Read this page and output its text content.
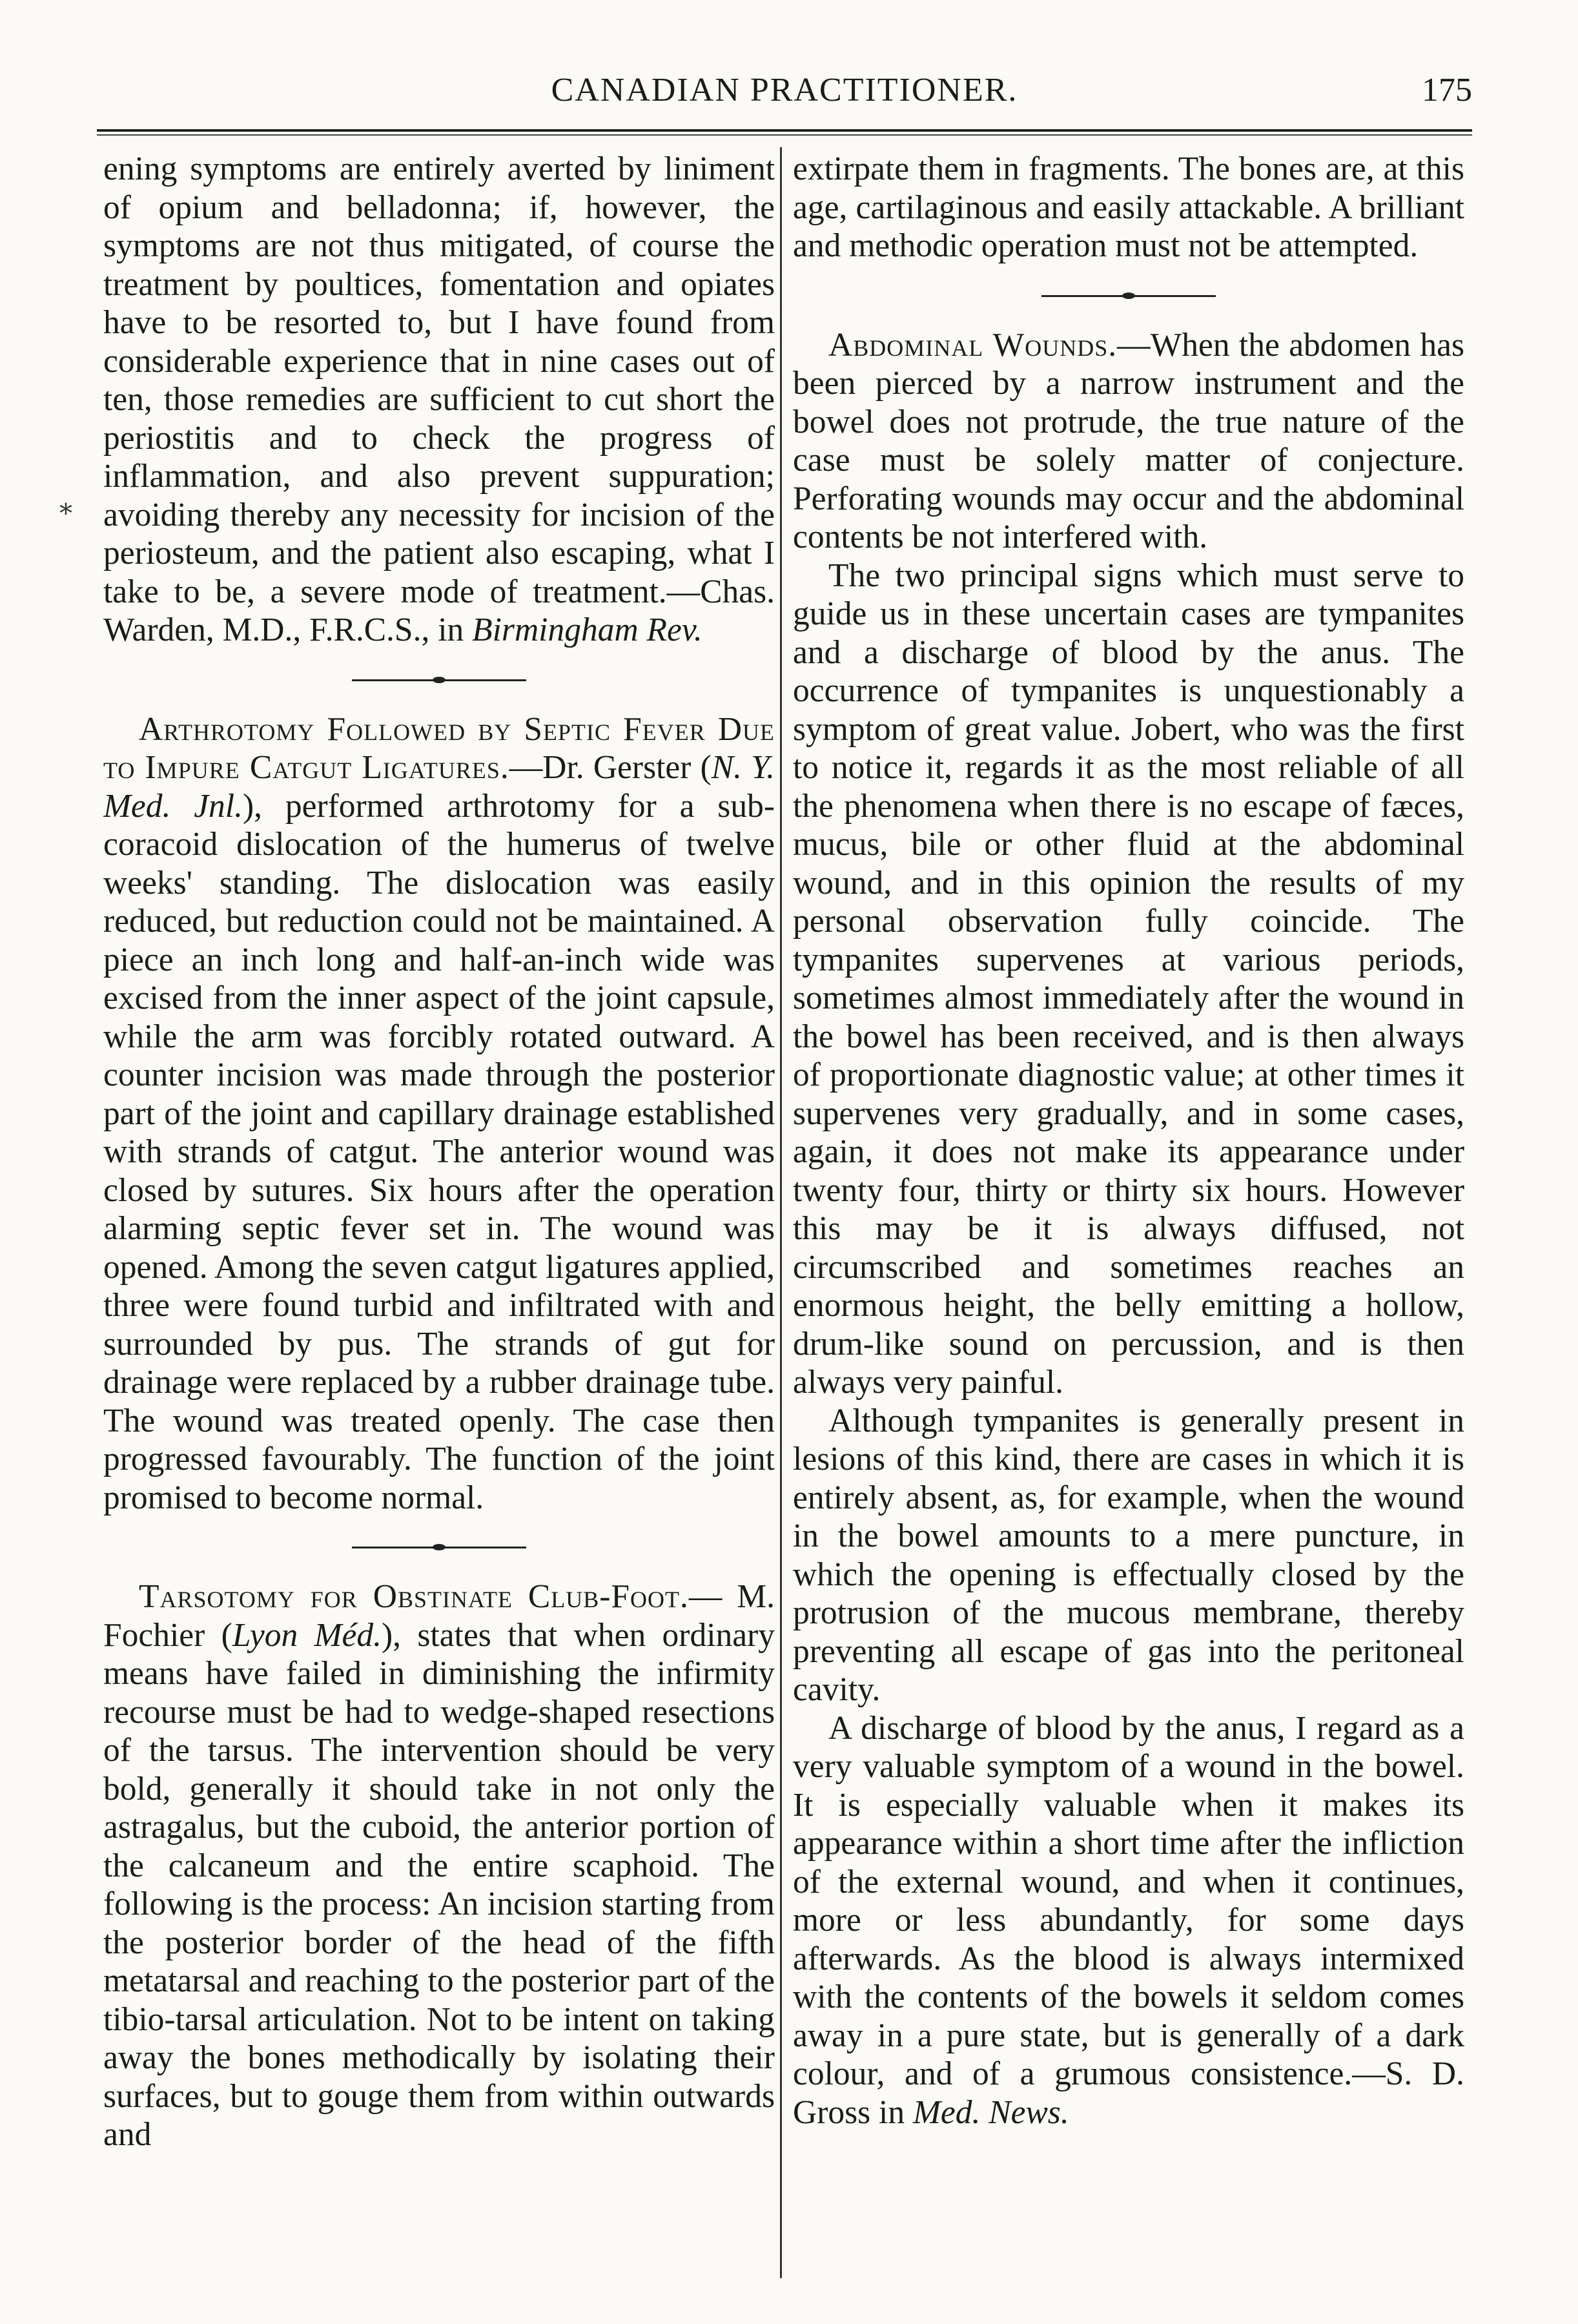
CANADIAN PRACTITIONER.	175
⁎

ening symptoms are entirely averted by liniment of opium and belladonna; if, however, the symptoms are not thus mitigated, of course the treatment by poultices, fomentation and opiates have to be resorted to, but I have found from considerable experience that in nine cases out of ten, those remedies are sufficient to cut short the periostitis and to check the progress of inflammation, and also prevent suppuration; avoiding thereby any necessity for incision of the periosteum, and the patient also escaping, what I take to be, a severe mode of treatment.—Chas. Warden, M.D., F.R.C.S., in Birmingham Rev.

Arthrotomy Followed by Septic Fever Due to Impure Catgut Ligatures.—Dr. Gerster (N. Y. Med. Jnl.), performed arthrotomy for a sub-coracoid dislocation of the humerus of twelve weeks' standing. The dislocation was easily reduced, but reduction could not be maintained. A piece an inch long and half-an-inch wide was excised from the inner aspect of the joint capsule, while the arm was forcibly rotated outward. A counter incision was made through the posterior part of the joint and capillary drainage established with strands of catgut. The anterior wound was closed by sutures. Six hours after the operation alarming septic fever set in. The wound was opened. Among the seven catgut ligatures applied, three were found turbid and infiltrated with and surrounded by pus. The strands of gut for drainage were replaced by a rubber drainage tube. The wound was treated openly. The case then progressed favourably. The function of the joint promised to become normal.

Tarsotomy for Obstinate Club-Foot.— M. Fochier (Lyon Méd.), states that when ordinary means have failed in diminishing the infirmity recourse must be had to wedge-shaped resections of the tarsus. The intervention should be very bold, generally it should take in not only the astragalus, but the cuboid, the anterior portion of the calcaneum and the entire scaphoid. The following is the process: An incision starting from the posterior border of the head of the fifth metatarsal and reaching to the posterior part of the tibio-tarsal articulation. Not to be intent on taking away the bones methodically by isolating their surfaces, but to gouge them from within outwards and

extirpate them in fragments. The bones are, at this age, cartilaginous and easily attackable. A brilliant and methodic operation must not be attempted.

Abdominal Wounds.—When the abdomen has been pierced by a narrow instrument and the bowel does not protrude, the true nature of the case must be solely matter of conjecture. Perforating wounds may occur and the abdominal contents be not interfered with.

The two principal signs which must serve to guide us in these uncertain cases are tympanites and a discharge of blood by the anus. The occurrence of tympanites is unquestionably a symptom of great value. Jobert, who was the first to notice it, regards it as the most reliable of all the phenomena when there is no escape of fæces, mucus, bile or other fluid at the abdominal wound, and in this opinion the results of my personal observation fully coincide. The tympanites supervenes at various periods, sometimes almost immediately after the wound in the bowel has been received, and is then always of proportionate diagnostic value; at other times it supervenes very gradually, and in some cases, again, it does not make its appearance under twenty four, thirty or thirty six hours. However this may be it is always diffused, not circumscribed and sometimes reaches an enormous height, the belly emitting a hollow, drum-like sound on percussion, and is then always very painful.

Although tympanites is generally present in lesions of this kind, there are cases in which it is entirely absent, as, for example, when the wound in the bowel amounts to a mere puncture, in which the opening is effectually closed by the protrusion of the mucous membrane, thereby preventing all escape of gas into the peritoneal cavity.

A discharge of blood by the anus, I regard as a very valuable symptom of a wound in the bowel. It is especially valuable when it makes its appearance within a short time after the infliction of the external wound, and when it continues, more or less abundantly, for some days afterwards. As the blood is always intermixed with the contents of the bowels it seldom comes away in a pure state, but is generally of a dark colour, and of a grumous consistence.—S. D. Gross in Med. News.
